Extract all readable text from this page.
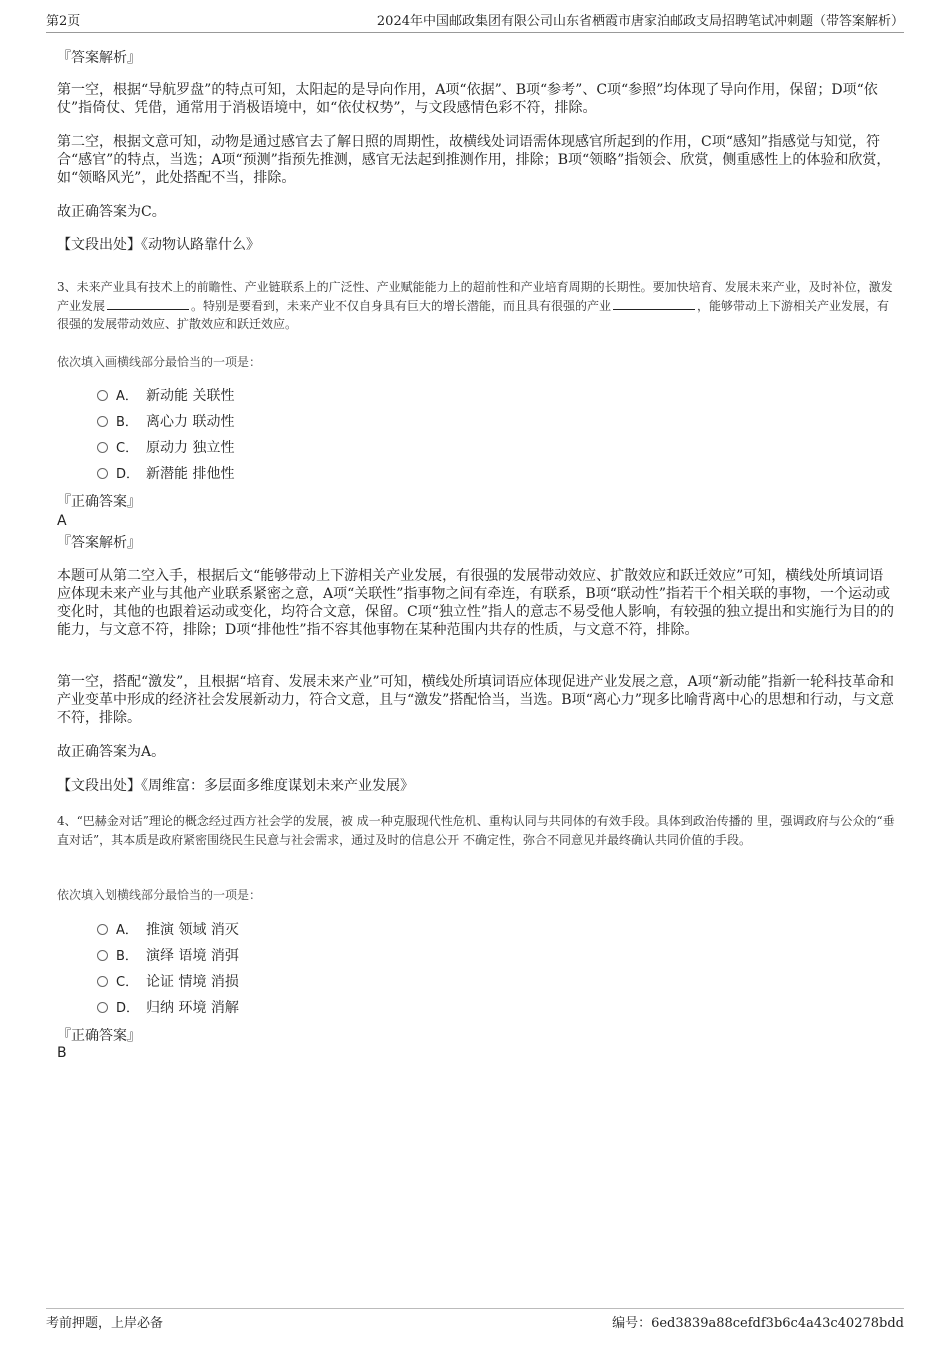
第2页	2024年中国邮政集团有限公司山东省栖霞市唐家泊邮政支局招聘笔试冲刺题（带答案解析）
『答案解析』
第一空，根据“导航罗盘”的特点可知，太阳起的是导向作用，A项“依据”、B项“参考”、C项“参照”均体现了导向作用，保留；D项“依仗”指倚仗、凭借，通常用于消极语境中，如“依仗权势”，与文段感情色彩不符，排除。
第二空，根据文意可知，动物是通过感官去了解日照的周期性，故横线处词语需体现感官所起到的作用，C项“感知”指感觉与知觉，符合“感官”的特点，当选；A项“预测”指预先推测，感官无法起到推测作用，排除；B项“领略”指领会、欣赏，侧重感性上的体验和欣赏，如“领略风光”，此处搭配不当，排除。
故正确答案为C。
【文段出处】《动物认路靠什么》
3、未来产业具有技术上的前瞻性、产业链联系上的广泛性、产业赋能能力上的超前性和产业培育周期的长期性。要加快培育、发展未来产业，及时补位，激发产业发展	。特别是要看到，未来产业不仅自身具有巨大的增长潜能，而且具有很强的产业	，能够带动上下游相关产业发展，有很强的发展带动效应、扩散效应和跃迁效应。
依次填入画横线部分最恰当的一项是：
A． 新动能 关联性
B． 离心力 联动性
C． 原动力 独立性
D． 新潜能 排他性
『正确答案』
A
『答案解析』
本题可从第二空入手，根据后文“能够带动上下游相关产业发展，有很强的发展带动效应、扩散效应和跃迁效应”可知，横线处所填词语应体现未来产业与其他产业联系紧密之意，A项“关联性”指事物之间有牵连，有联系，B项“联动性”指若干个相关联的事物，一个运动或变化时，其他的也跟着运动或变化，均符合文意，保留。C项“独立性”指人的意志不易受他人影响，有较强的独立提出和实施行为目的的能力，与文意不符，排除；D项“排他性”指不容其他事物在某种范围内共存的性质，与文意不符，排除。
第一空，搭配“激发”，且根据“培育、发展未来产业”可知，横线处所填词语应体现促进产业发展之意，A项“新动能”指新一轮科技革命和产业变革中形成的经济社会发展新动力，符合文意，且与“激发”搭配恰当，当选。B项“离心力”现多比喻背离中心的思想和行动，与文意不符，排除。
故正确答案为A。
【文段出处】《周维富：多层面多维度谋划未来产业发展》
4、“巴赫金对话”理论的概念经过西方社会学的发展，被 成一种克服现代性危机、重构认同与共同体的有效手段。具体到政治传播的 里，强调政府与公众的“垂直对话”，其本质是政府紧密围绕民生民意与社会需求，通过及时的信息公开 不确定性，弥合不同意见并最终确认共同价值的手段。
依次填入划横线部分最恰当的一项是：
A． 推演 领域 消灭
B． 演绎 语境 消弭
C． 论证 情境 消损
D． 归纳 环境 消解
『正确答案』
B
考前押题，上岸必备	编号：6ed3839a88cefdf3b6c4a43c40278bdd
